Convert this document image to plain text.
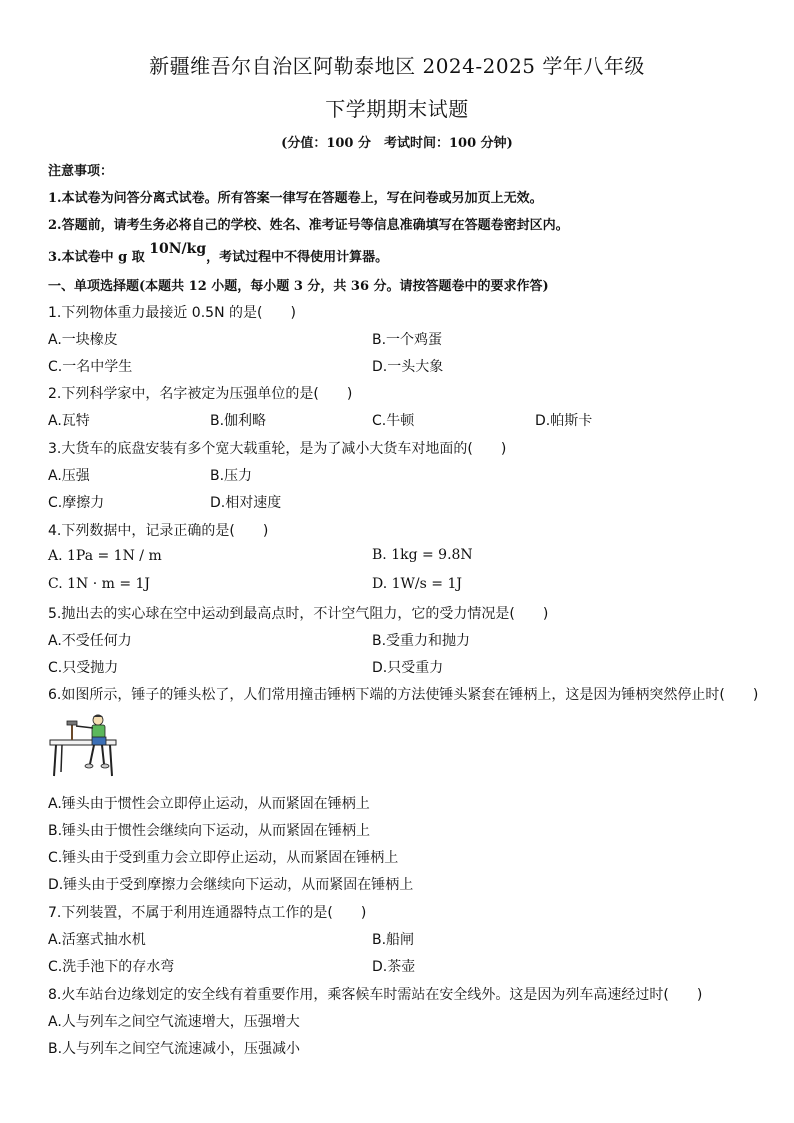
新疆维吾尔自治区阿勒泰地区 2024-2025 学年八年级
下学期期末试题
(分值：100 分　考试时间：100 分钟)
注意事项：
1.本试卷为问答分离式试卷。所有答案一律写在答题卷上，写在问卷或另加页上无效。
2.答题前，请考生务必将自己的学校、姓名、准考证号等信息准确填写在答题卷密封区内。
3.本试卷中 g 取 10N/kg，考试过程中不得使用计算器。
一、单项选择题(本题共 12 小题，每小题 3 分，共 36 分。请按答题卷中的要求作答)
1.下列物体重力最接近 0.5N 的是(　　)
A.一块橡皮	B.一个鸡蛋
C.一名中学生	D.一头大象
2.下列科学家中，名字被定为压强单位的是(　　)
A.瓦特	B.伽利略	C.牛顿	D.帕斯卡
3.大货车的底盘安装有多个宽大载重轮，是为了减小大货车对地面的(　　)
A.压强	B.压力
C.摩擦力	D.相对速度
4.下列数据中，记录正确的是(　　)
A. 1Pa = 1N / m	B. 1kg = 9.8N
C. 1N · m = 1J	D. 1W/s = 1J
5.抛出去的实心球在空中运动到最高点时，不计空气阻力，它的受力情况是(　　)
A.不受任何力	B.受重力和抛力
C.只受抛力	D.只受重力
6.如图所示，锤子的锤头松了，人们常用撞击锤柄下端的方法使锤头紧套在锤柄上，这是因为锤柄突然停止时(　　)
A.锤头由于惯性会立即停止运动，从而紧固在锤柄上
B.锤头由于惯性会继续向下运动，从而紧固在锤柄上
C.锤头由于受到重力会立即停止运动，从而紧固在锤柄上
D.锤头由于受到摩擦力会继续向下运动，从而紧固在锤柄上
7.下列装置，不属于利用连通器特点工作的是(　　)
A.活塞式抽水机	B.船闸
C.洗手池下的存水弯	D.茶壶
8.火车站台边缘划定的安全线有着重要作用，乘客候车时需站在安全线外。这是因为列车高速经过时(　　)
A.人与列车之间空气流速增大，压强增大
B.人与列车之间空气流速减小，压强减小
